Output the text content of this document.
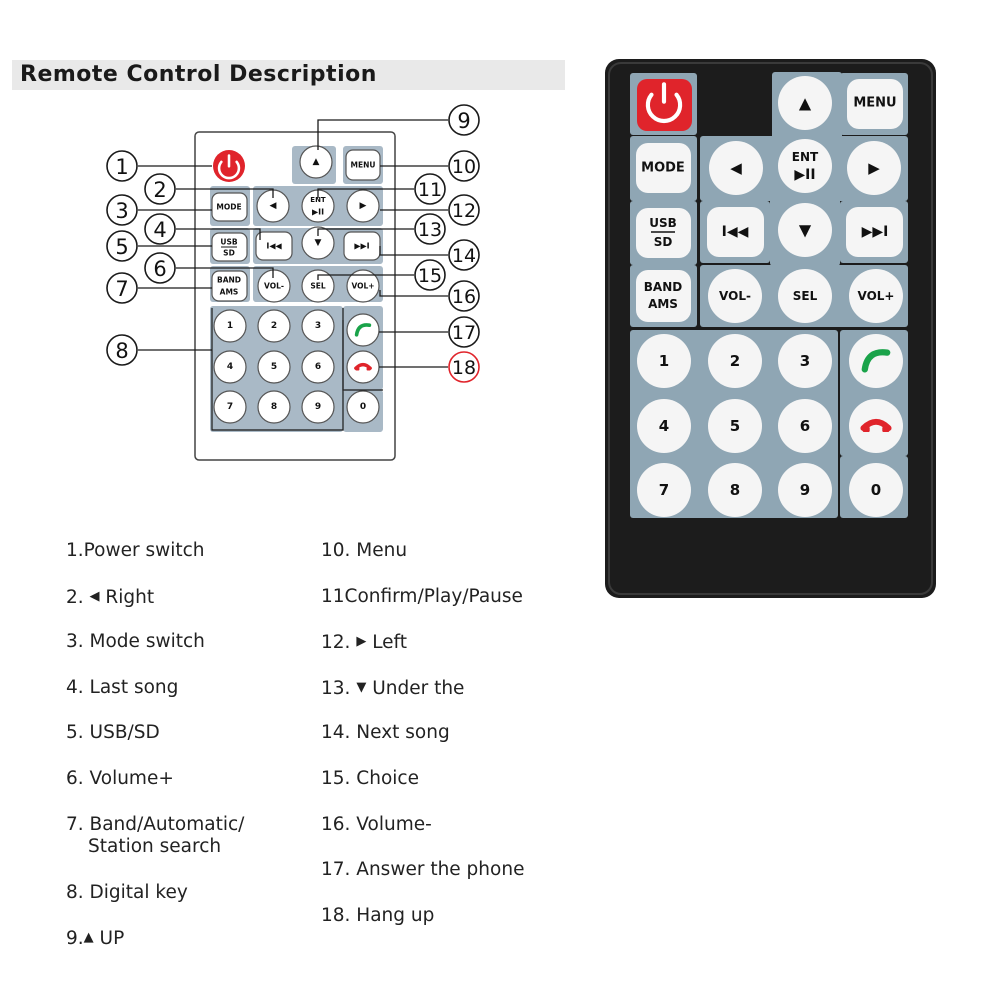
Remote Control Description
▲	MENU
MODE	◀
ENT
▶II	▶
USB
SD
I◀◀	▼	▶▶I
BAND
AMS
VOL-	SEL	VOL+
1	2	3
4	5	6
7	8	9	0
▲	MENU
MODE	◀
ENT
▶II
▶
USB
SD
I◀◀	▼	▶▶I
BAND
AMS
VOL-	SEL	VOL+
1	2	3
4	5	6
7	8	9	0
1
2
3
4
5
6
7
8
9
10
11
12
13
14
15
16
17
18
1.Power switch
2. ◀ Right
3. Mode switch
4. Last song
5. USB/SD
6. Volume+
7. Band/Automatic/
Station search
8. Digital key
9.▲ UP
10. Menu
11Confirm/Play/Pause
12. ▶ Left
13. ▼ Under the
14. Next song
15. Choice
16. Volume-
17. Answer the phone
18. Hang up
